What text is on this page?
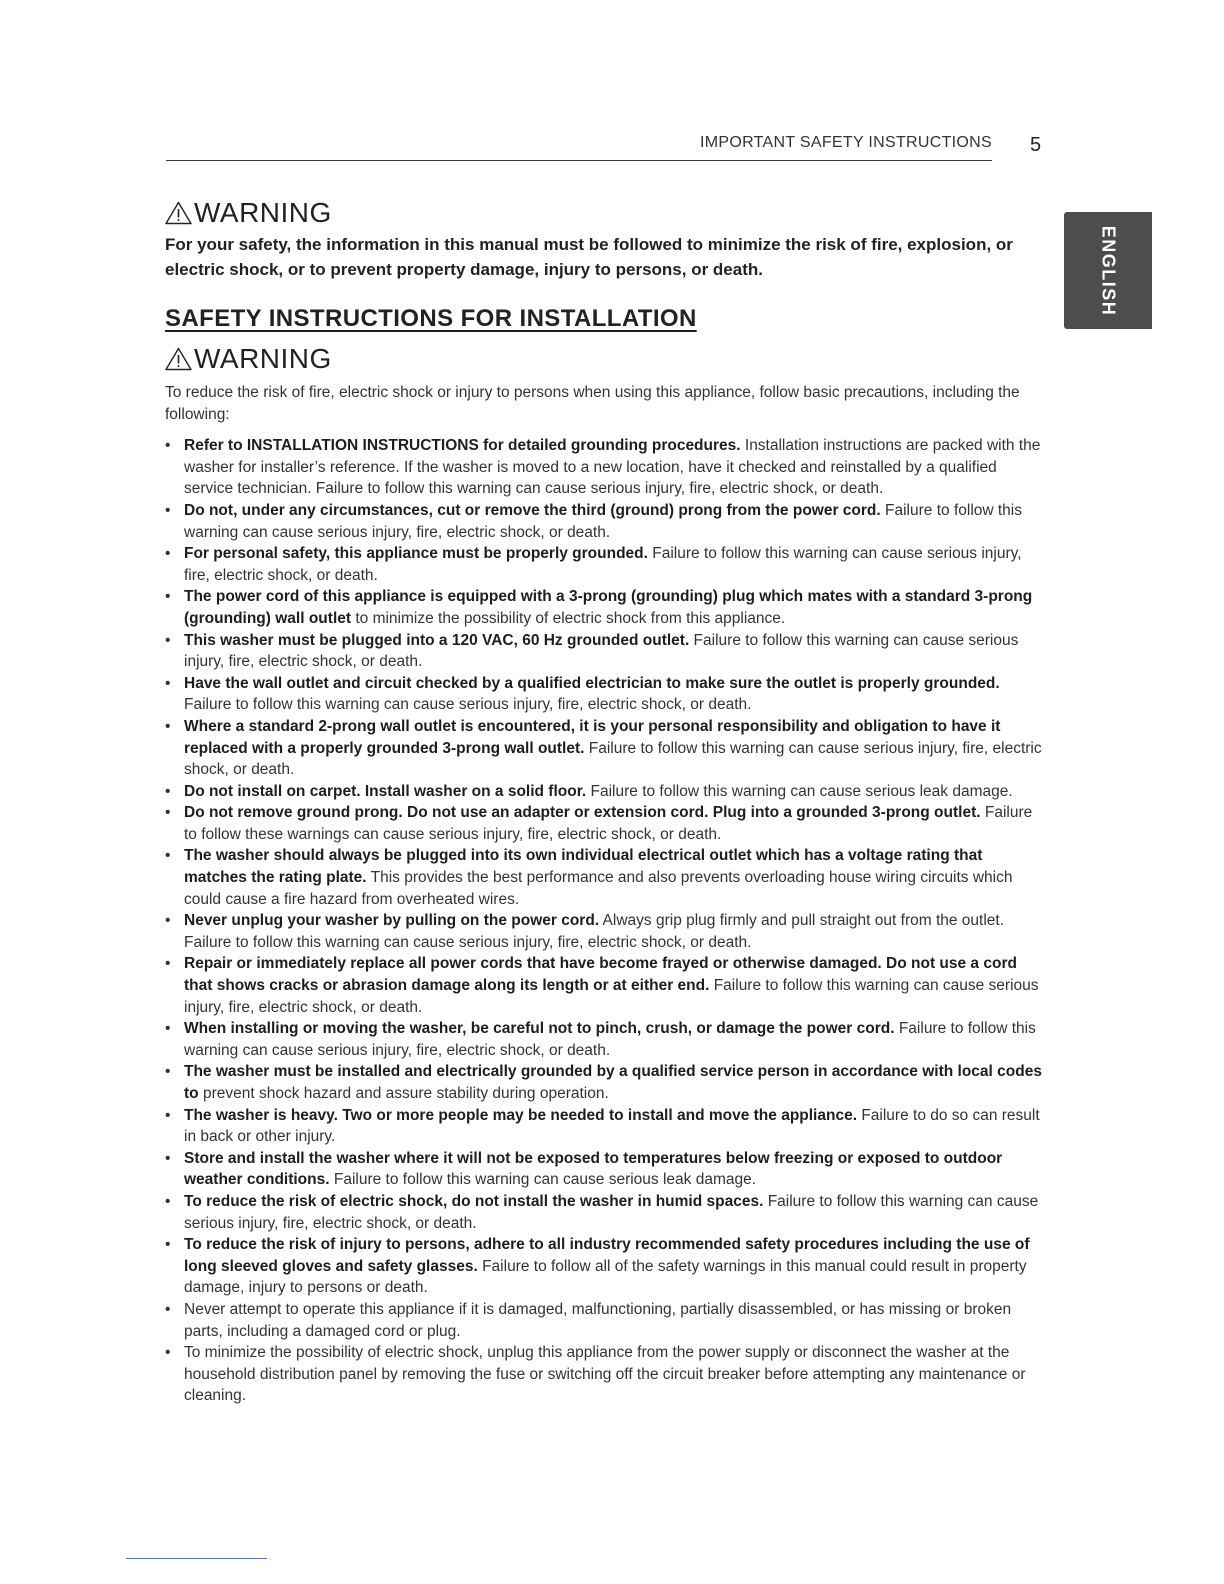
IMPORTANT SAFETY INSTRUCTIONS 5
ENGLISH
WARNING
For your safety, the information in this manual must be followed to minimize the risk of fire, explosion, or electric shock, or to prevent property damage, injury to persons, or death.
SAFETY INSTRUCTIONS FOR INSTALLATION
WARNING
To reduce the risk of fire, electric shock or injury to persons when using this appliance, follow basic precautions, including the following:
• Refer to INSTALLATION INSTRUCTIONS for detailed grounding procedures. Installation instructions are packed with the washer for installer’s reference. If the washer is moved to a new location, have it checked and reinstalled by a qualified service technician. Failure to follow this warning can cause serious injury, fire, electric shock, or death.
• Do not, under any circumstances, cut or remove the third (ground) prong from the power cord. Failure to follow this warning can cause serious injury, fire, electric shock, or death.
• For personal safety, this appliance must be properly grounded. Failure to follow this warning can cause serious injury, fire, electric shock, or death.
• The power cord of this appliance is equipped with a 3-prong (grounding) plug which mates with a standard 3-prong (grounding) wall outlet to minimize the possibility of electric shock from this appliance.
• This washer must be plugged into a 120 VAC, 60 Hz grounded outlet. Failure to follow this warning can cause serious injury, fire, electric shock, or death.
• Have the wall outlet and circuit checked by a qualified electrician to make sure the outlet is properly grounded. Failure to follow this warning can cause serious injury, fire, electric shock, or death.
• Where a standard 2-prong wall outlet is encountered, it is your personal responsibility and obligation to have it replaced with a properly grounded 3-prong wall outlet. Failure to follow this warning can cause serious injury, fire, electric shock, or death.
• Do not install on carpet. Install washer on a solid floor. Failure to follow this warning can cause serious leak damage.
• Do not remove ground prong. Do not use an adapter or extension cord. Plug into a grounded 3-prong outlet. Failure to follow these warnings can cause serious injury, fire, electric shock, or death.
• The washer should always be plugged into its own individual electrical outlet which has a voltage rating that matches the rating plate. This provides the best performance and also prevents overloading house wiring circuits which could cause a fire hazard from overheated wires.
• Never unplug your washer by pulling on the power cord. Always grip plug firmly and pull straight out from the outlet. Failure to follow this warning can cause serious injury, fire, electric shock, or death.
• Repair or immediately replace all power cords that have become frayed or otherwise damaged. Do not use a cord that shows cracks or abrasion damage along its length or at either end. Failure to follow this warning can cause serious injury, fire, electric shock, or death.
• When installing or moving the washer, be careful not to pinch, crush, or damage the power cord. Failure to follow this warning can cause serious injury, fire, electric shock, or death.
• The washer must be installed and electrically grounded by a qualified service person in accordance with local codes to prevent shock hazard and assure stability during operation.
• The washer is heavy. Two or more people may be needed to install and move the appliance. Failure to do so can result in back or other injury.
• Store and install the washer where it will not be exposed to temperatures below freezing or exposed to outdoor weather conditions. Failure to follow this warning can cause serious leak damage.
• To reduce the risk of electric shock, do not install the washer in humid spaces. Failure to follow this warning can cause serious injury, fire, electric shock, or death.
• To reduce the risk of injury to persons, adhere to all industry recommended safety procedures including the use of long sleeved gloves and safety glasses. Failure to follow all of the safety warnings in this manual could result in property damage, injury to persons or death.
• Never attempt to operate this appliance if it is damaged, malfunctioning, partially disassembled, or has missing or broken parts, including a damaged cord or plug.
• To minimize the possibility of electric shock, unplug this appliance from the power supply or disconnect the washer at the household distribution panel by removing the fuse or switching off the circuit breaker before attempting any maintenance or cleaning.
